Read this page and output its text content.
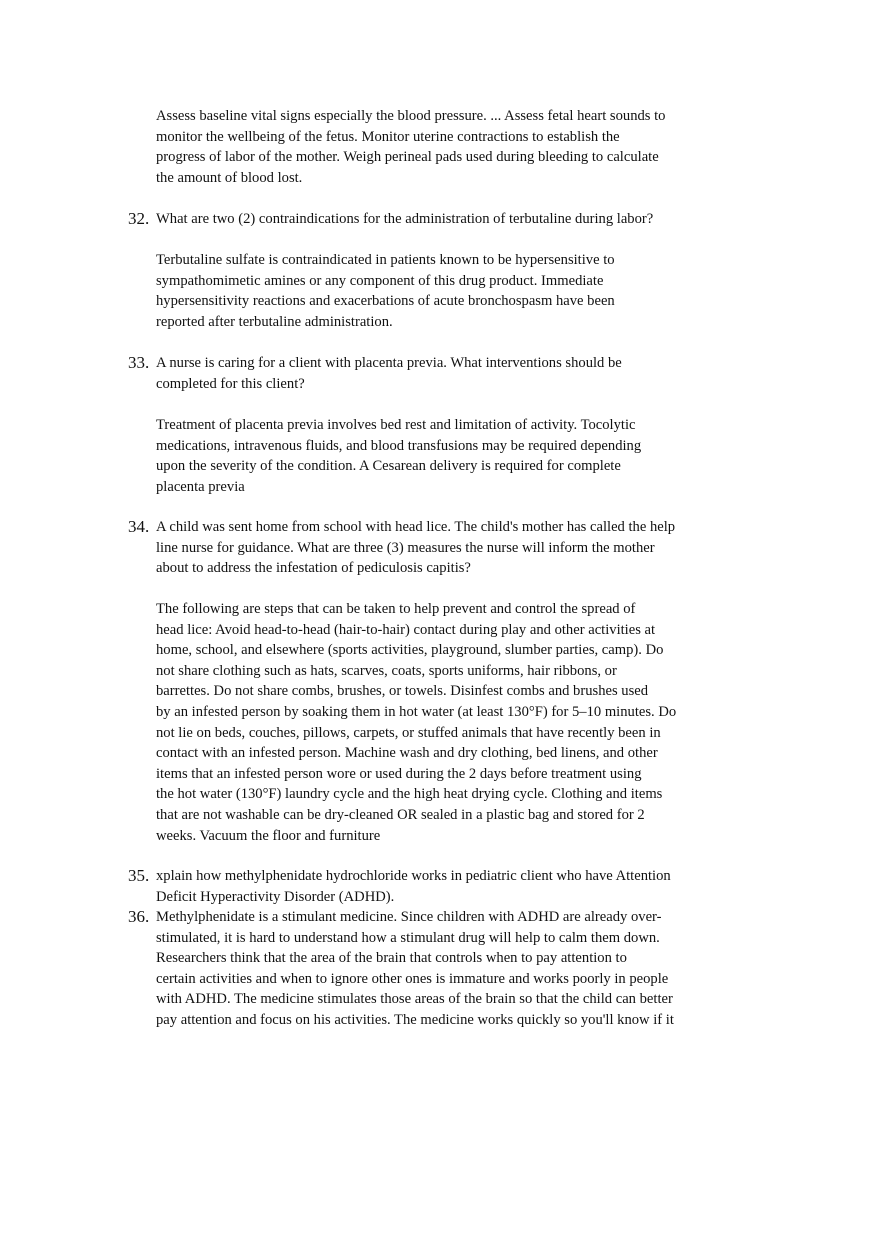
Assess baseline vital signs especially the blood pressure. ... Assess fetal heart sounds to
monitor the wellbeing of the fetus. Monitor uterine contractions to establish the
progress of labor of the mother. Weigh perineal pads used during bleeding to calculate
the amount of blood lost.
32. What are two (2) contraindications for the administration of terbutaline during labor?
Terbutaline sulfate is contraindicated in patients known to be hypersensitive to
sympathomimetic amines or any component of this drug product. Immediate
hypersensitivity reactions and exacerbations of acute bronchospasm have been
reported after terbutaline administration.
33. A nurse is caring for a client with placenta previa. What interventions should be
completed for this client?
Treatment of placenta previa involves bed rest and limitation of activity. Tocolytic
medications, intravenous fluids, and blood transfusions may be required depending
upon the severity of the condition. A Cesarean delivery is required for complete
placenta previa
34. A child was sent home from school with head lice. The child's mother has called the help
line nurse for guidance. What are three (3) measures the nurse will inform the mother
about to address the infestation of pediculosis capitis?
The following are steps that can be taken to help prevent and control the spread of
head lice: Avoid head-to-head (hair-to-hair) contact during play and other activities at
home, school, and elsewhere (sports activities, playground, slumber parties, camp). Do
not share clothing such as hats, scarves, coats, sports uniforms, hair ribbons, or
barrettes. Do not share combs, brushes, or towels. Disinfest combs and brushes used
by an infested person by soaking them in hot water (at least 130°F) for 5–10 minutes. Do
not lie on beds, couches, pillows, carpets, or stuffed animals that have recently been in
contact with an infested person. Machine wash and dry clothing, bed linens, and other
items that an infested person wore or used during the 2 days before treatment using
the hot water (130°F) laundry cycle and the high heat drying cycle. Clothing and items
that are not washable can be dry-cleaned OR sealed in a plastic bag and stored for 2
weeks. Vacuum the floor and furniture
35. xplain how methylphenidate hydrochloride works in pediatric client who have Attention
Deficit Hyperactivity Disorder (ADHD).
36. Methylphenidate is a stimulant medicine. Since children with ADHD are already over-
stimulated, it is hard to understand how a stimulant drug will help to calm them down.
Researchers think that the area of the brain that controls when to pay attention to
certain activities and when to ignore other ones is immature and works poorly in people
with ADHD. The medicine stimulates those areas of the brain so that the child can better
pay attention and focus on his activities. The medicine works quickly so you'll know if it
